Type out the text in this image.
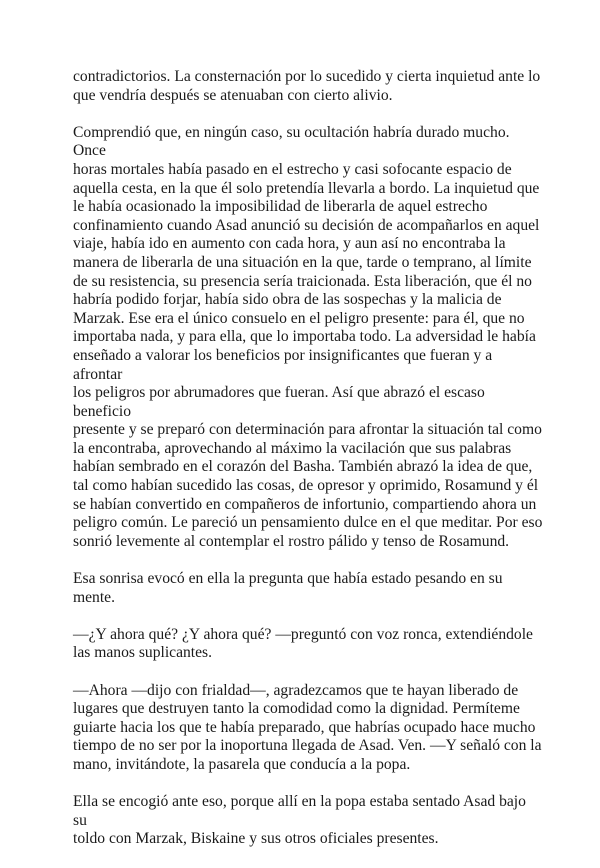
contradictorios. La consternación por lo sucedido y cierta inquietud ante lo
que vendría después se atenuaban con cierto alivio.

Comprendió que, en ningún caso, su ocultación habría durado mucho. Once
horas mortales había pasado en el estrecho y casi sofocante espacio de
aquella cesta, en la que él solo pretendía llevarla a bordo. La inquietud que
le había ocasionado la imposibilidad de liberarla de aquel estrecho
confinamiento cuando Asad anunció su decisión de acompañarlos en aquel
viaje, había ido en aumento con cada hora, y aun así no encontraba la
manera de liberarla de una situación en la que, tarde o temprano, al límite
de su resistencia, su presencia sería traicionada. Esta liberación, que él no
habría podido forjar, había sido obra de las sospechas y la malicia de
Marzak. Ese era el único consuelo en el peligro presente: para él, que no
importaba nada, y para ella, que lo importaba todo. La adversidad le había
enseñado a valorar los beneficios por insignificantes que fueran y a afrontar
los peligros por abrumadores que fueran. Así que abrazó el escaso beneficio
presente y se preparó con determinación para afrontar la situación tal como
la encontraba, aprovechando al máximo la vacilación que sus palabras
habían sembrado en el corazón del Basha. También abrazó la idea de que,
tal como habían sucedido las cosas, de opresor y oprimido, Rosamund y él
se habían convertido en compañeros de infortunio, compartiendo ahora un
peligro común. Le pareció un pensamiento dulce en el que meditar. Por eso
sonrió levemente al contemplar el rostro pálido y tenso de Rosamund.

Esa sonrisa evocó en ella la pregunta que había estado pesando en su mente.

—¿Y ahora qué? ¿Y ahora qué? —preguntó con voz ronca, extendiéndole
las manos suplicantes.

—Ahora —dijo con frialdad—, agradezcamos que te hayan liberado de
lugares que destruyen tanto la comodidad como la dignidad. Permíteme
guiarte hacia los que te había preparado, que habrías ocupado hace mucho
tiempo de no ser por la inoportuna llegada de Asad. Ven. —Y señaló con la
mano, invitándote, la pasarela que conducía a la popa.

Ella se encogió ante eso, porque allí en la popa estaba sentado Asad bajo su
toldo con Marzak, Biskaine y sus otros oficiales presentes.
